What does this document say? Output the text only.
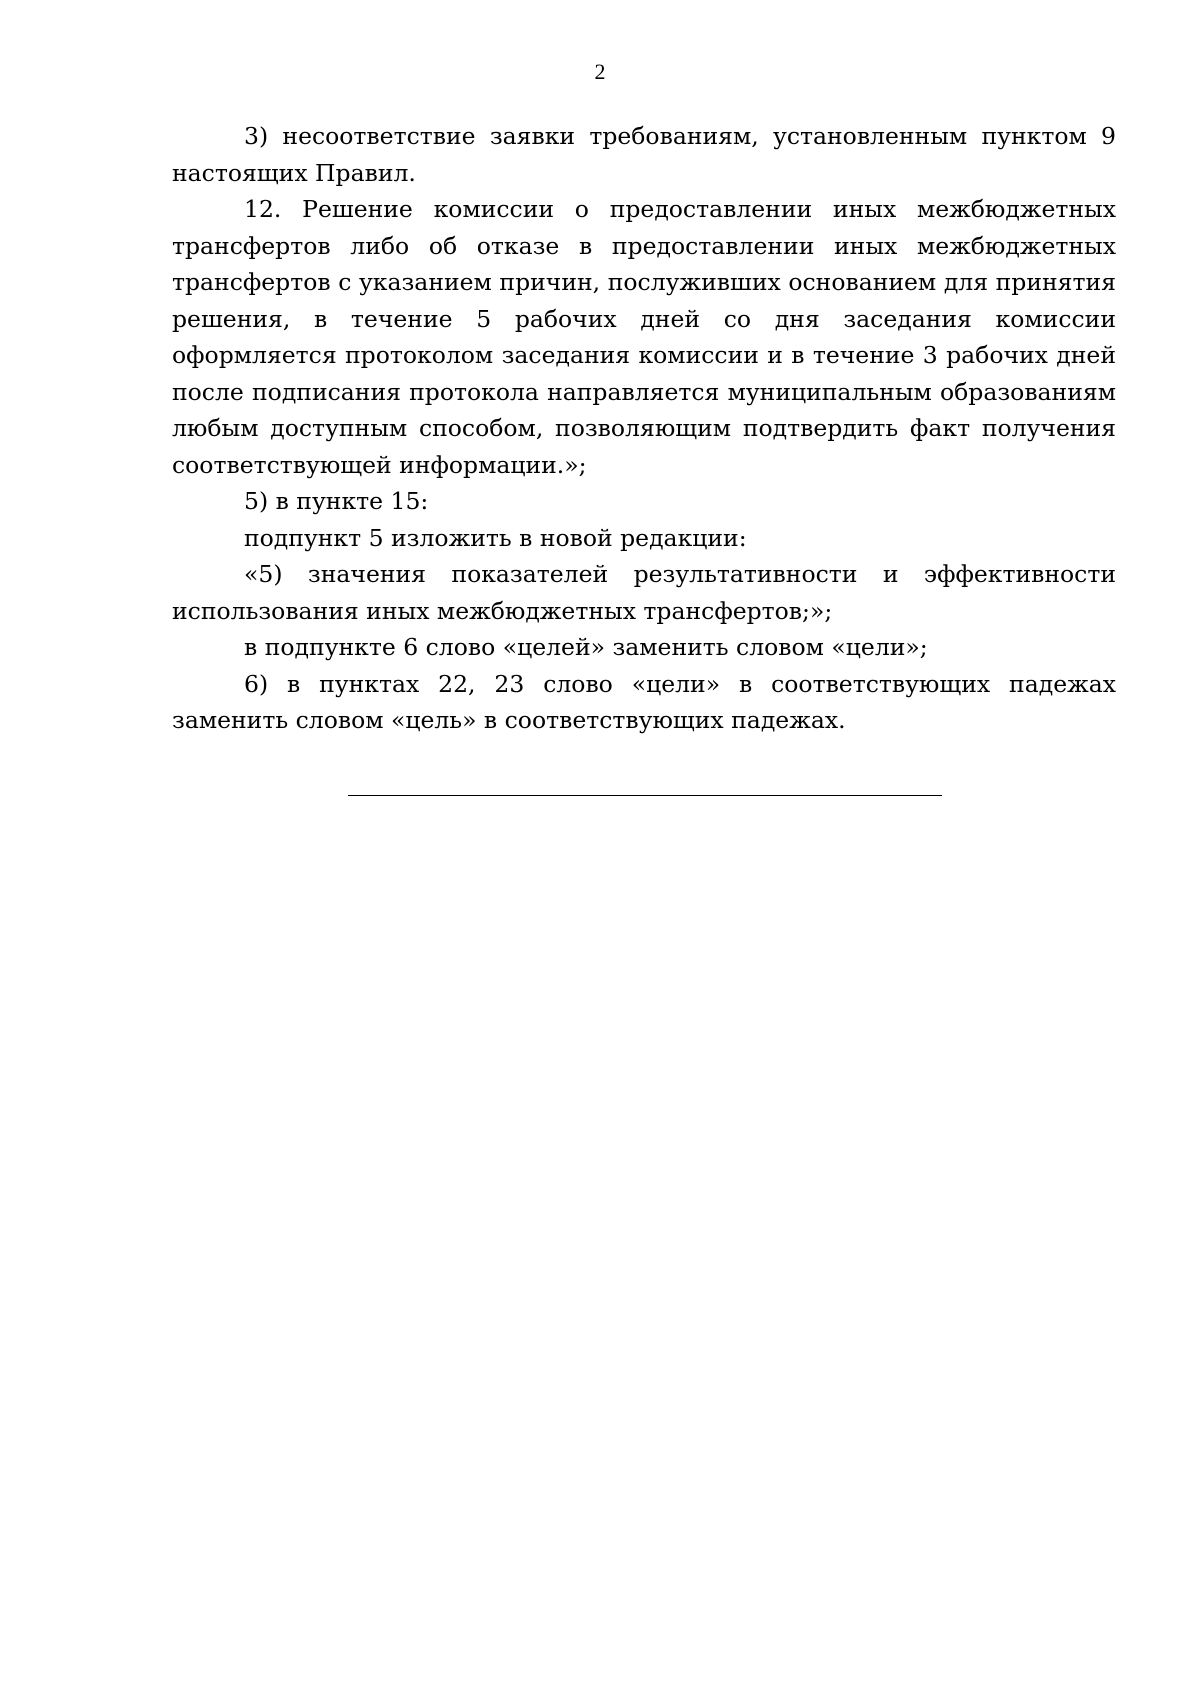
2

3) несоответствие заявки требованиям, установленным пунктом 9 настоящих Правил.

12. Решение комиссии о предоставлении иных межбюджетных трансфертов либо об отказе в предоставлении иных межбюджетных трансфертов с указанием причин, послуживших основанием для принятия решения, в течение 5 рабочих дней со дня заседания комиссии оформляется протоколом заседания комиссии и в течение 3 рабочих дней после подписания протокола направляется муниципальным образованиям любым доступным способом, позволяющим подтвердить факт получения соответствующей информации.»;

5) в пункте 15:

подпункт 5 изложить в новой редакции:

«5) значения показателей результативности и эффективности использования иных межбюджетных трансфертов;»;

в подпункте 6 слово «целей» заменить словом «цели»;

6) в пунктах 22, 23 слово «цели» в соответствующих падежах заменить словом «цель» в соответствующих падежах.
